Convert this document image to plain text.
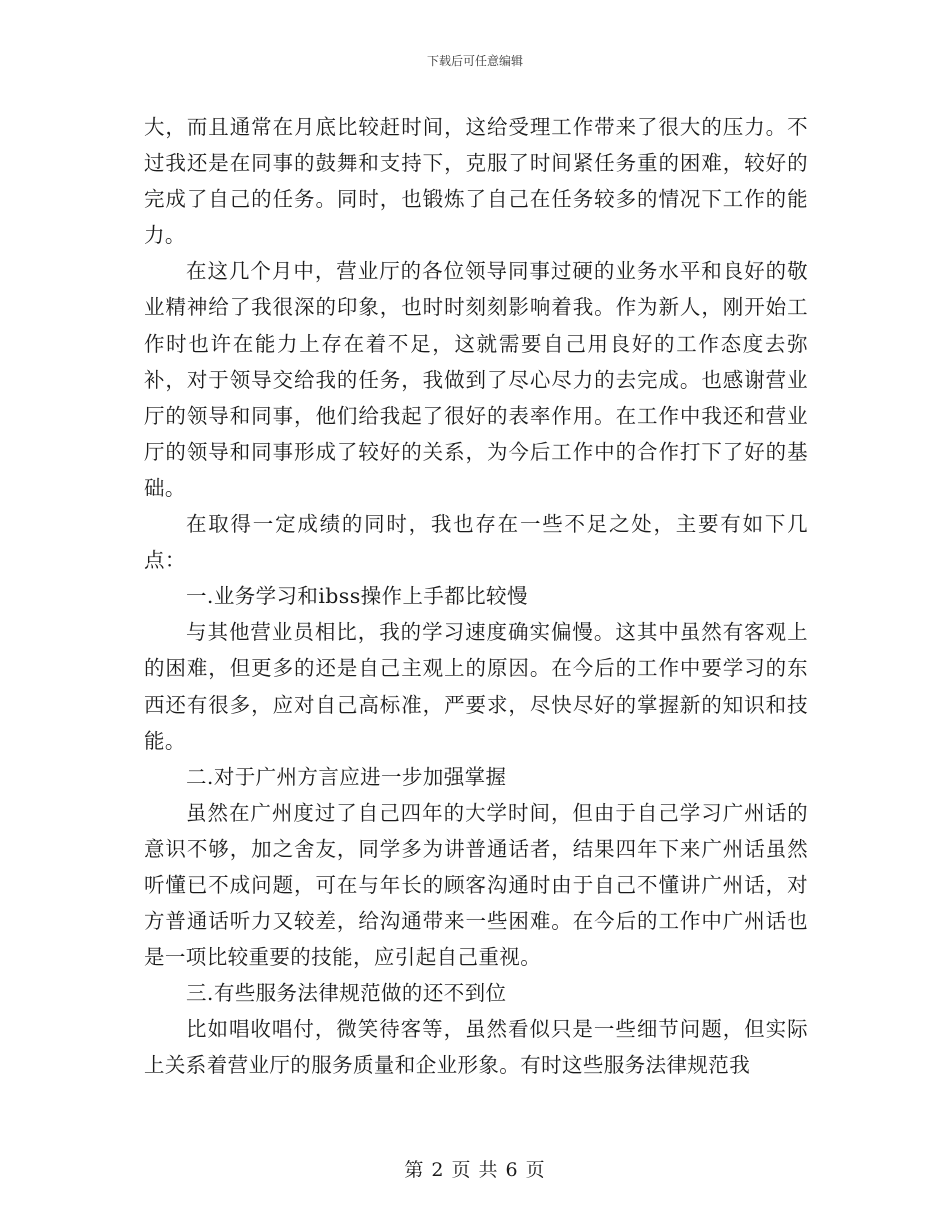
下载后可任意编辑

大，而且通常在月底比较赶时间，这给受理工作带来了很大的压力。不过我还是在同事的鼓舞和支持下，克服了时间紧任务重的困难，较好的完成了自己的任务。同时，也锻炼了自己在任务较多的情况下工作的能力。

在这几个月中，营业厅的各位领导同事过硬的业务水平和良好的敬业精神给了我很深的印象，也时时刻刻影响着我。作为新人，刚开始工作时也许在能力上存在着不足，这就需要自己用良好的工作态度去弥补，对于领导交给我的任务，我做到了尽心尽力的去完成。也感谢营业厅的领导和同事，他们给我起了很好的表率作用。在工作中我还和营业厅的领导和同事形成了较好的关系，为今后工作中的合作打下了好的基础。

在取得一定成绩的同时，我也存在一些不足之处，主要有如下几点：

一.业务学习和ibss操作上手都比较慢

与其他营业员相比，我的学习速度确实偏慢。这其中虽然有客观上的困难，但更多的还是自己主观上的原因。在今后的工作中要学习的东西还有很多，应对自己高标准，严要求，尽快尽好的掌握新的知识和技能。

二.对于广州方言应进一步加强掌握

虽然在广州度过了自己四年的大学时间，但由于自己学习广州话的意识不够，加之舍友，同学多为讲普通话者，结果四年下来广州话虽然听懂已不成问题，可在与年长的顾客沟通时由于自己不懂讲广州话，对方普通话听力又较差，给沟通带来一些困难。在今后的工作中广州话也是一项比较重要的技能，应引起自己重视。

三.有些服务法律规范做的还不到位

比如唱收唱付，微笑待客等，虽然看似只是一些细节问题，但实际上关系着营业厅的服务质量和企业形象。有时这些服务法律规范我

第 2 页 共 6 页
